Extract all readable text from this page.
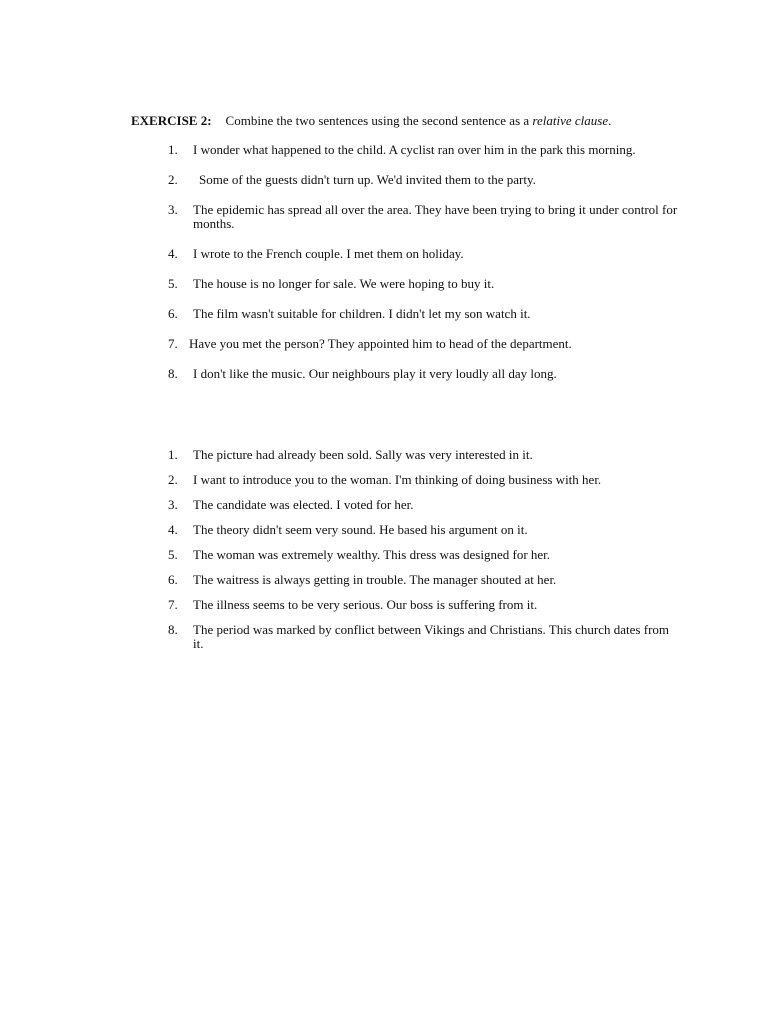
EXERCISE 2: Combine the two sentences using the second sentence as a relative clause.
1.	I wonder what happened to the child. A cyclist ran over him in the park this morning.
2.	Some of the guests didn't turn up. We'd invited them to the party.
3.	The epidemic has spread all over the area. They have been trying to bring it under control for months.
4.	I wrote to the French couple. I met them on holiday.
5.	The house is no longer for sale. We were hoping to buy it.
6.	The film wasn't suitable for children. I didn't let my son watch it.
7. Have you met the person? They appointed him to head of the department.
8.	I don't like the music. Our neighbours play it very loudly all day long.
1.	The picture had already been sold. Sally was very interested in it.
2.	I want to introduce you to the woman. I'm thinking of doing business with her.
3.	The candidate was elected. I voted for her.
4.	The theory didn't seem very sound. He based his argument on it.
5.	The woman was extremely wealthy. This dress was designed for her.
6.	The waitress is always getting in trouble. The manager shouted at her.
7.	The illness seems to be very serious. Our boss is suffering from it.
8.	The period was marked by conflict between Vikings and Christians. This church dates from it.
